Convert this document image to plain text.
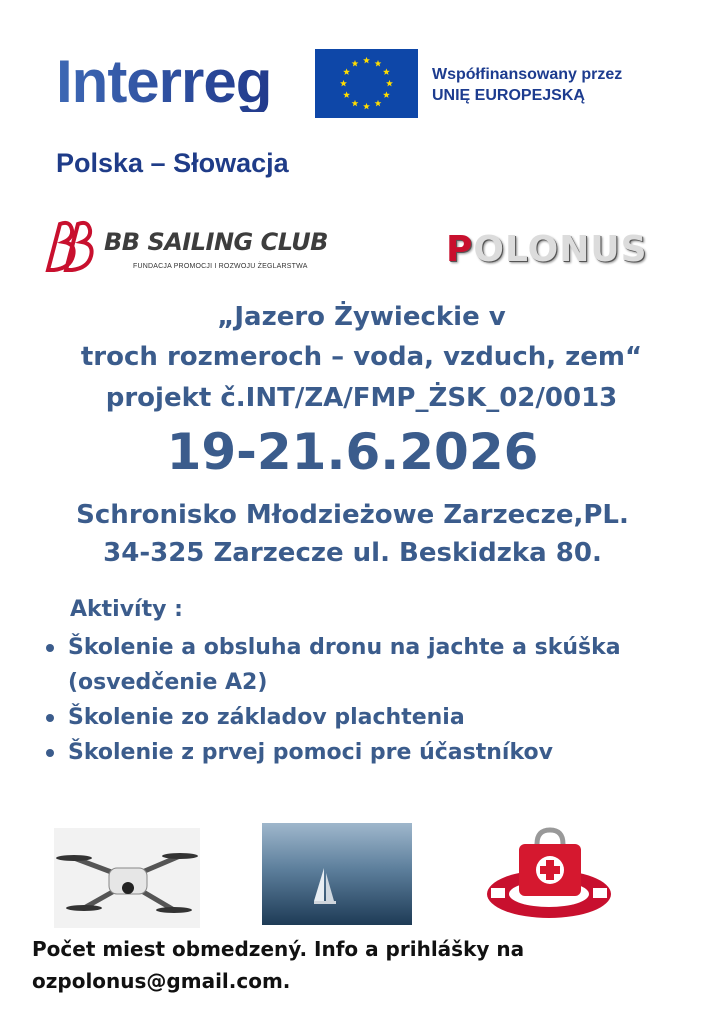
Interreg	Współfinansowany przez
UNIĘ EUROPEJSKĄ
Polska – Słowacja
BB SAILING CLUB
FUNDACJA PROMOCJI I ROZWOJU ŻEGLARSTWA	POLONUS
„Jazero Żywieckie v
troch rozmeroch – voda, vzduch, zem“
projekt č.INT/ZA/FMP_ŻSK_02/0013
19-21.6.2026
Schronisko Młodzieżowe Zarzecze,PL.
34-325 Zarzecze ul. Beskidzka 80.
Aktivíty :
Školenie a obsluha dronu na jachte a skúška (osvedčenie A2)
Školenie zo základov plachtenia
Školenie z prvej pomoci pre účastníkov
Počet miest obmedzený. Info a prihlášky na
ozpolonus@gmail.com.
